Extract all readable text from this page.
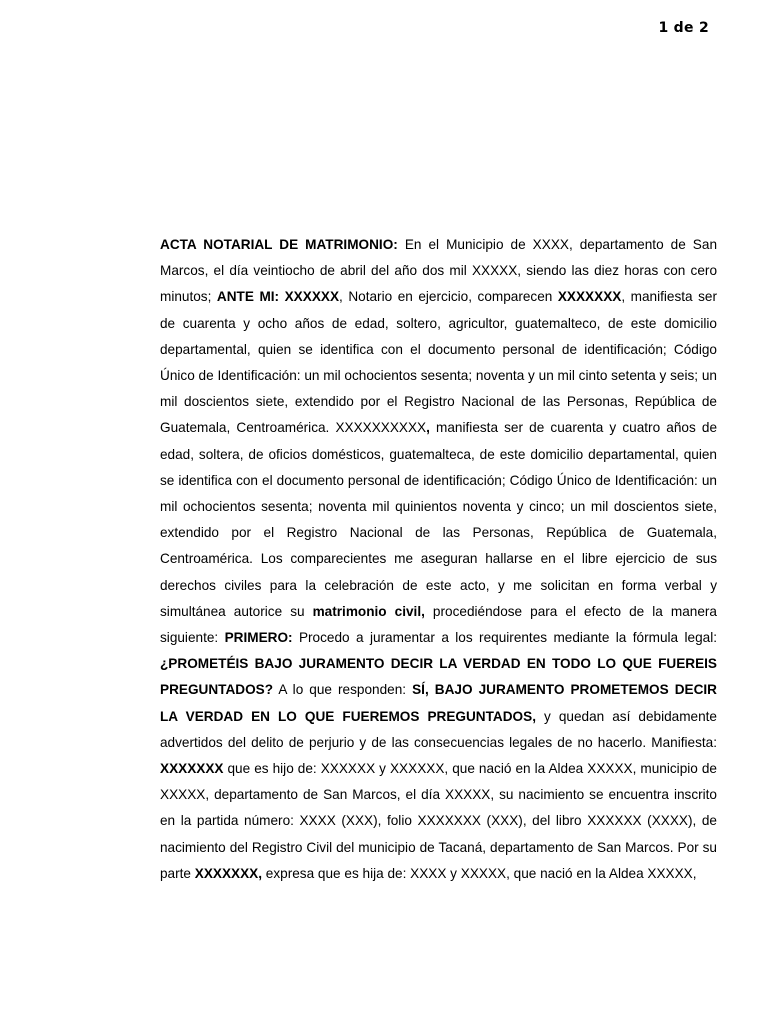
1 de 2

ACTA NOTARIAL DE MATRIMONIO: En el Municipio de XXXX, departamento de San Marcos, el día veintiocho de abril del año dos mil XXXXX, siendo las diez horas con cero minutos; ANTE MI: XXXXXX, Notario en ejercicio, comparecen XXXXXXX, manifiesta ser de cuarenta y ocho años de edad, soltero, agricultor, guatemalteco, de este domicilio departamental, quien se identifica con el documento personal de identificación; Código Único de Identificación: un mil ochocientos sesenta; noventa y un mil cinto setenta y seis; un mil doscientos siete, extendido por el Registro Nacional de las Personas, República de Guatemala, Centroamérica. XXXXXXXXXX, manifiesta ser de cuarenta y cuatro años de edad, soltera, de oficios domésticos, guatemalteca, de este domicilio departamental, quien se identifica con el documento personal de identificación; Código Único de Identificación: un mil ochocientos sesenta; noventa mil quinientos noventa y cinco; un mil doscientos siete, extendido por el Registro Nacional de las Personas, República de Guatemala, Centroamérica. Los comparecientes me aseguran hallarse en el libre ejercicio de sus derechos civiles para la celebración de este acto, y me solicitan en forma verbal y simultánea autorice su matrimonio civil, procediéndose para el efecto de la manera siguiente: PRIMERO: Procedo a juramentar a los requirentes mediante la fórmula legal: ¿PROMETÉIS BAJO JURAMENTO DECIR LA VERDAD EN TODO LO QUE FUEREIS PREGUNTADOS? A lo que responden: SÍ, BAJO JURAMENTO PROMETEMOS DECIR LA VERDAD EN LO QUE FUEREMOS PREGUNTADOS, y quedan así debidamente advertidos del delito de perjurio y de las consecuencias legales de no hacerlo. Manifiesta: XXXXXXX que es hijo de: XXXXXX y XXXXXX, que nació en la Aldea XXXXX, municipio de XXXXX, departamento de San Marcos, el día XXXXX, su nacimiento se encuentra inscrito en la partida número: XXXX (XXX), folio XXXXXXX (XXX), del libro XXXXXX (XXXX), de nacimiento del Registro Civil del municipio de Tacaná, departamento de San Marcos. Por su parte XXXXXXX, expresa que es hija de: XXXX y XXXXX, que nació en la Aldea XXXXX,
